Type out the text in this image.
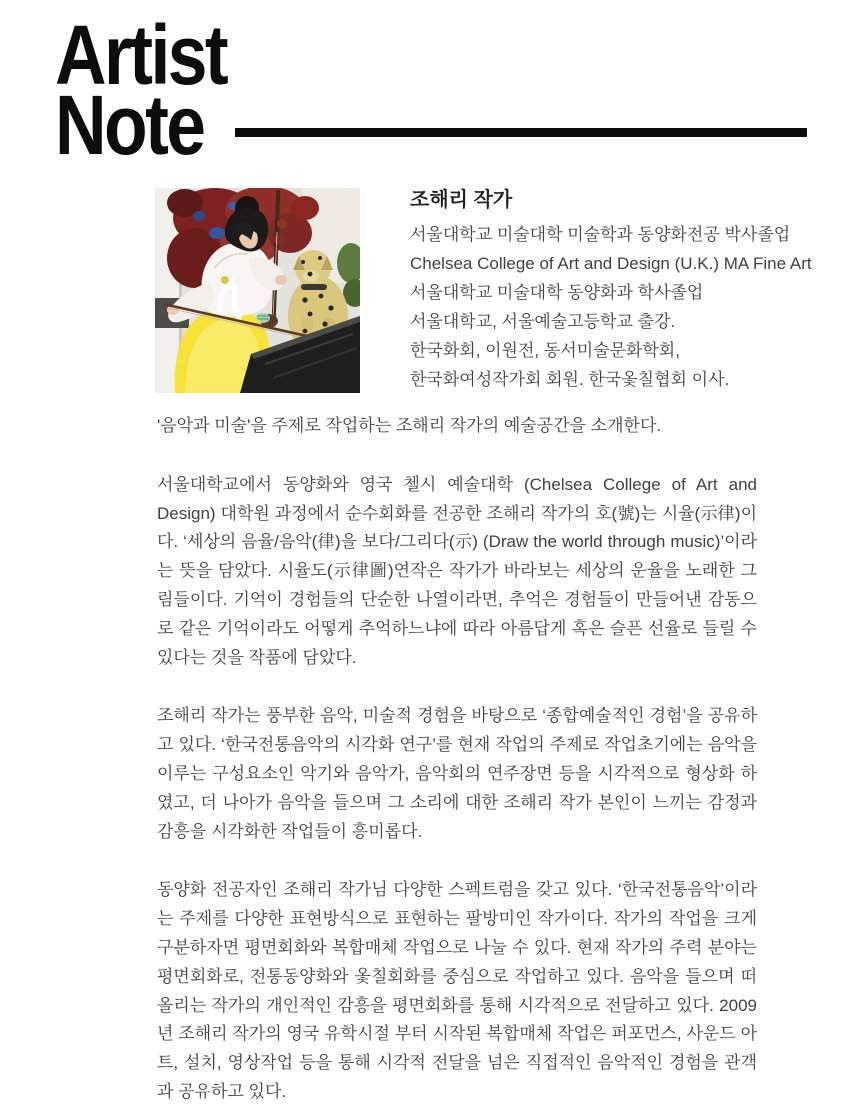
Artist
Note
조해리 작가
서울대학교 미술대학 미술학과 동양화전공 박사졸업
Chelsea College of Art and Design (U.K.) MA Fine Art
서울대학교 미술대학 동양화과 학사졸업
서울대학교, 서울예술고등학교 출강.
한국화회, 이원전, 동서미술문화학회,
한국화여성작가회 회원. 한국옻칠협회 이사.

'음악과 미술'을 주제로 작업하는 조해리 작가의 예술공간을 소개한다.

서울대학교에서 동양화와 영국 첼시 예술대학 (Chelsea College of Art and Design) 대학원 과정에서 순수회화를 전공한 조해리 작가의 호(號)는 시율(示律)이다. ‘세상의 음율/음악(律)을 보다/그리다(示) (Draw the world through music)’이라는 뜻을 담았다. 시율도(示律圖)연작은 작가가 바라보는 세상의 운율을 노래한 그림들이다. 기억이 경험들의 단순한 나열이라면, 추억은 경험들이 만들어낸 감동으로 같은 기억이라도 어떻게 추억하느냐에 따라 아름답게 혹은 슬픈 선율로 들릴 수 있다는 것을 작품에 담았다.

조해리 작가는 풍부한 음악, 미술적 경험을 바탕으로 ‘종합예술적인 경험’을 공유하고 있다. ‘한국전통음악의 시각화 연구’를 현재 작업의 주제로 작업초기에는 음악을 이루는 구성요소인 악기와 음악가, 음악회의 연주장면 등을 시각적으로 형상화 하였고, 더 나아가 음악을 들으며 그 소리에 대한 조해리 작가 본인이 느끼는 감정과 감흥을 시각화한 작업들이 흥미롭다.

동양화 전공자인 조해리 작가님 다양한 스펙트럼을 갖고 있다. ‘한국전통음악’이라는 주제를 다양한 표현방식으로 표현하는 팔방미인 작가이다. 작가의 작업을 크게 구분하자면 평면회화와 복합매체 작업으로 나눌 수 있다. 현재 작가의 주력 분야는 평면회화로, 전통동양화와 옻칠회화를 중심으로 작업하고 있다. 음악을 들으며 떠올리는 작가의 개인적인 감흥을 평면회화를 통해 시각적으로 전달하고 있다. 2009년 조해리 작가의 영국 유학시절 부터 시작된 복합매체 작업은 퍼포먼스, 사운드 아트, 설치, 영상작업 등을 통해 시각적 전달을 넘은 직접적인 음악적인 경험을 관객과 공유하고 있다.
